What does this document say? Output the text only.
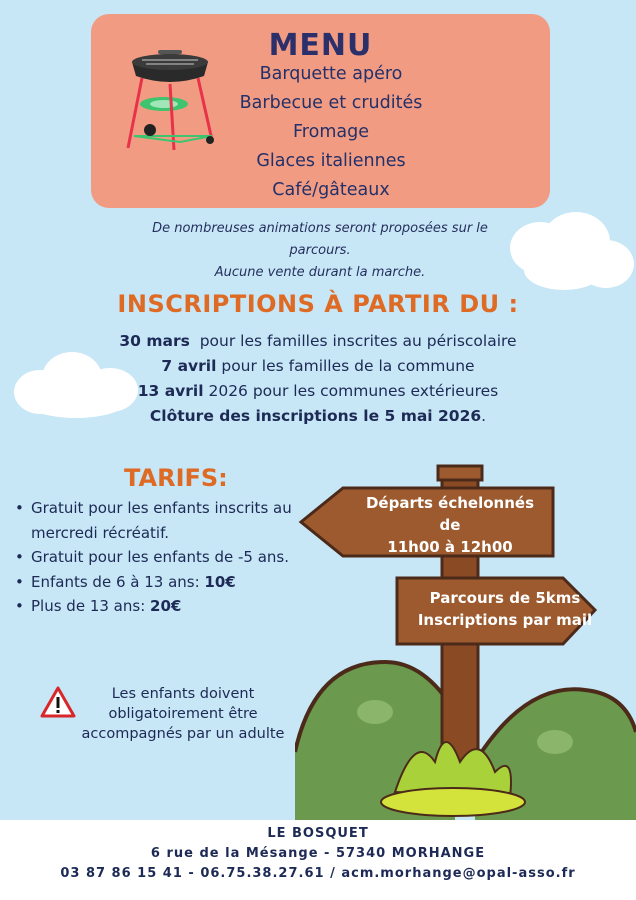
MENU
Barquette apéro
Barbecue et crudités
Fromage
Glaces italiennes
Café/gâteaux
De nombreuses animations seront proposées sur le
parcours.
Aucune vente durant la marche.
INSCRIPTIONS À PARTIR DU :
30 mars  pour les familles inscrites au périscolaire
7 avril pour les familles de la commune
13 avril 2026 pour les communes extérieures
Clôture des inscriptions le 5 mai 2026.
TARIFS:
• Gratuit pour les enfants inscrits au mercredi récréatif.
• Gratuit pour les enfants de -5 ans.
• Enfants de 6 à 13 ans: 10€
• Plus de 13 ans: 20€
Les enfants doivent obligatoirement être accompagnés par un adulte
Départs échelonnés
de
11h00 à 12h00
Parcours de 5kms
Inscriptions par mail
LE BOSQUET
6 rue de la Mésange - 57340 MORHANGE
03 87 86 15 41 - 06.75.38.27.61 / acm.morhange@opal-asso.fr
